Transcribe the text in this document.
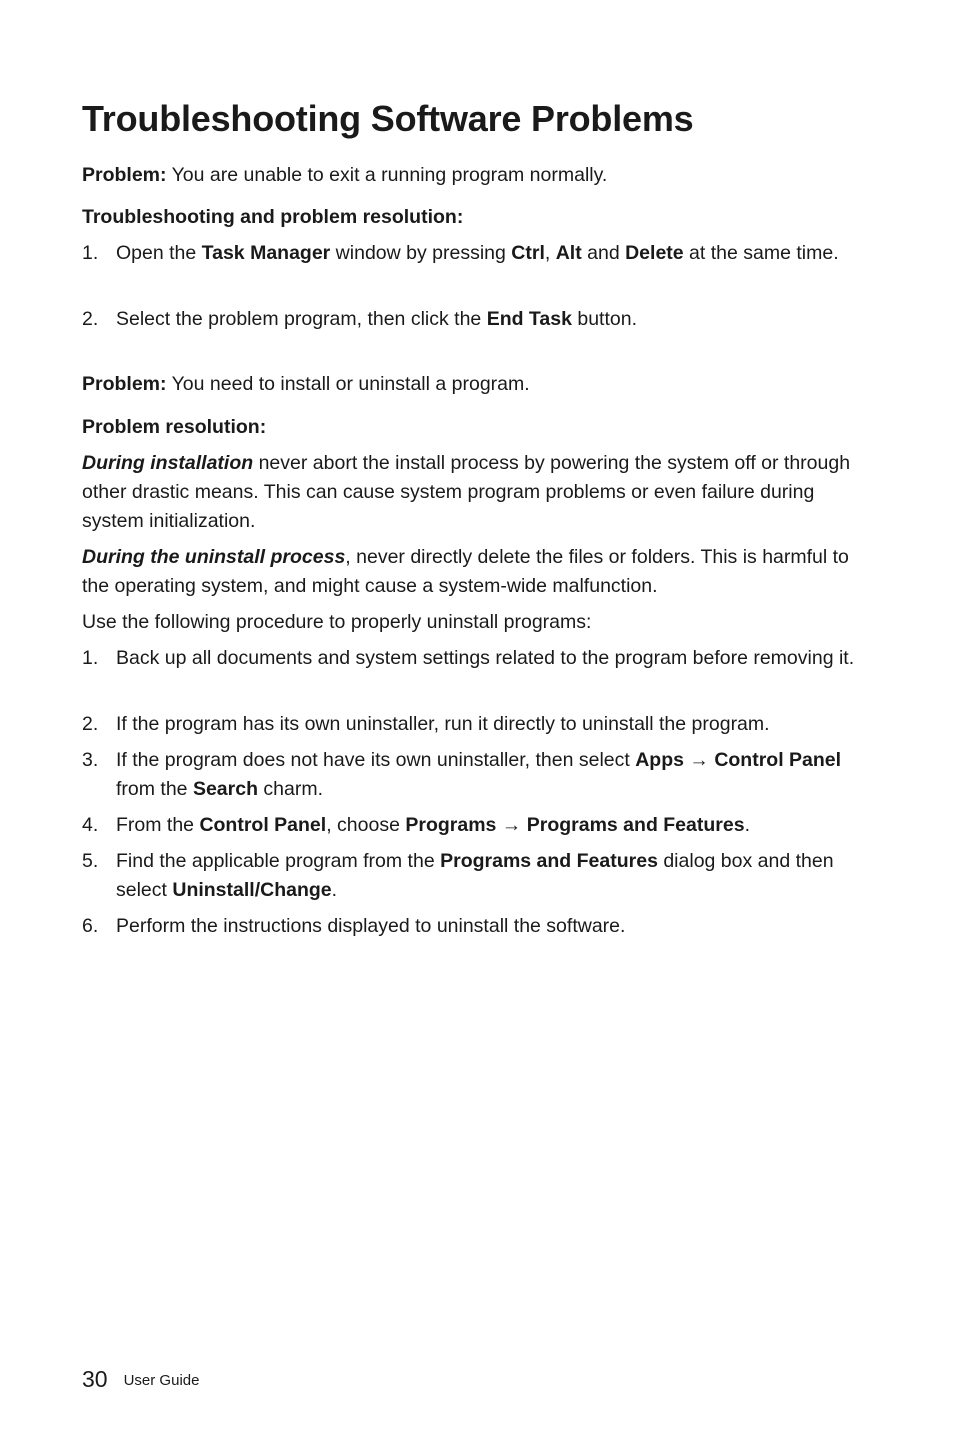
Troubleshooting Software Problems
Problem: You are unable to exit a running program normally.
Troubleshooting and problem resolution:
1. Open the Task Manager window by pressing Ctrl, Alt and Delete at the same time.
2. Select the problem program, then click the End Task button.
Problem: You need to install or uninstall a program.
Problem resolution:
During installation never abort the install process by powering the system off or through other drastic means. This can cause system program problems or even failure during system initialization.
During the uninstall process, never directly delete the files or folders. This is harmful to the operating system, and might cause a system-wide malfunction.
Use the following procedure to properly uninstall programs:
1. Back up all documents and system settings related to the program before removing it.
2. If the program has its own uninstaller, run it directly to uninstall the program.
3. If the program does not have its own uninstaller, then select Apps → Control Panel from the Search charm.
4. From the Control Panel, choose Programs → Programs and Features.
5. Find the applicable program from the Programs and Features dialog box and then select Uninstall/Change.
6. Perform the instructions displayed to uninstall the software.
30 User Guide
